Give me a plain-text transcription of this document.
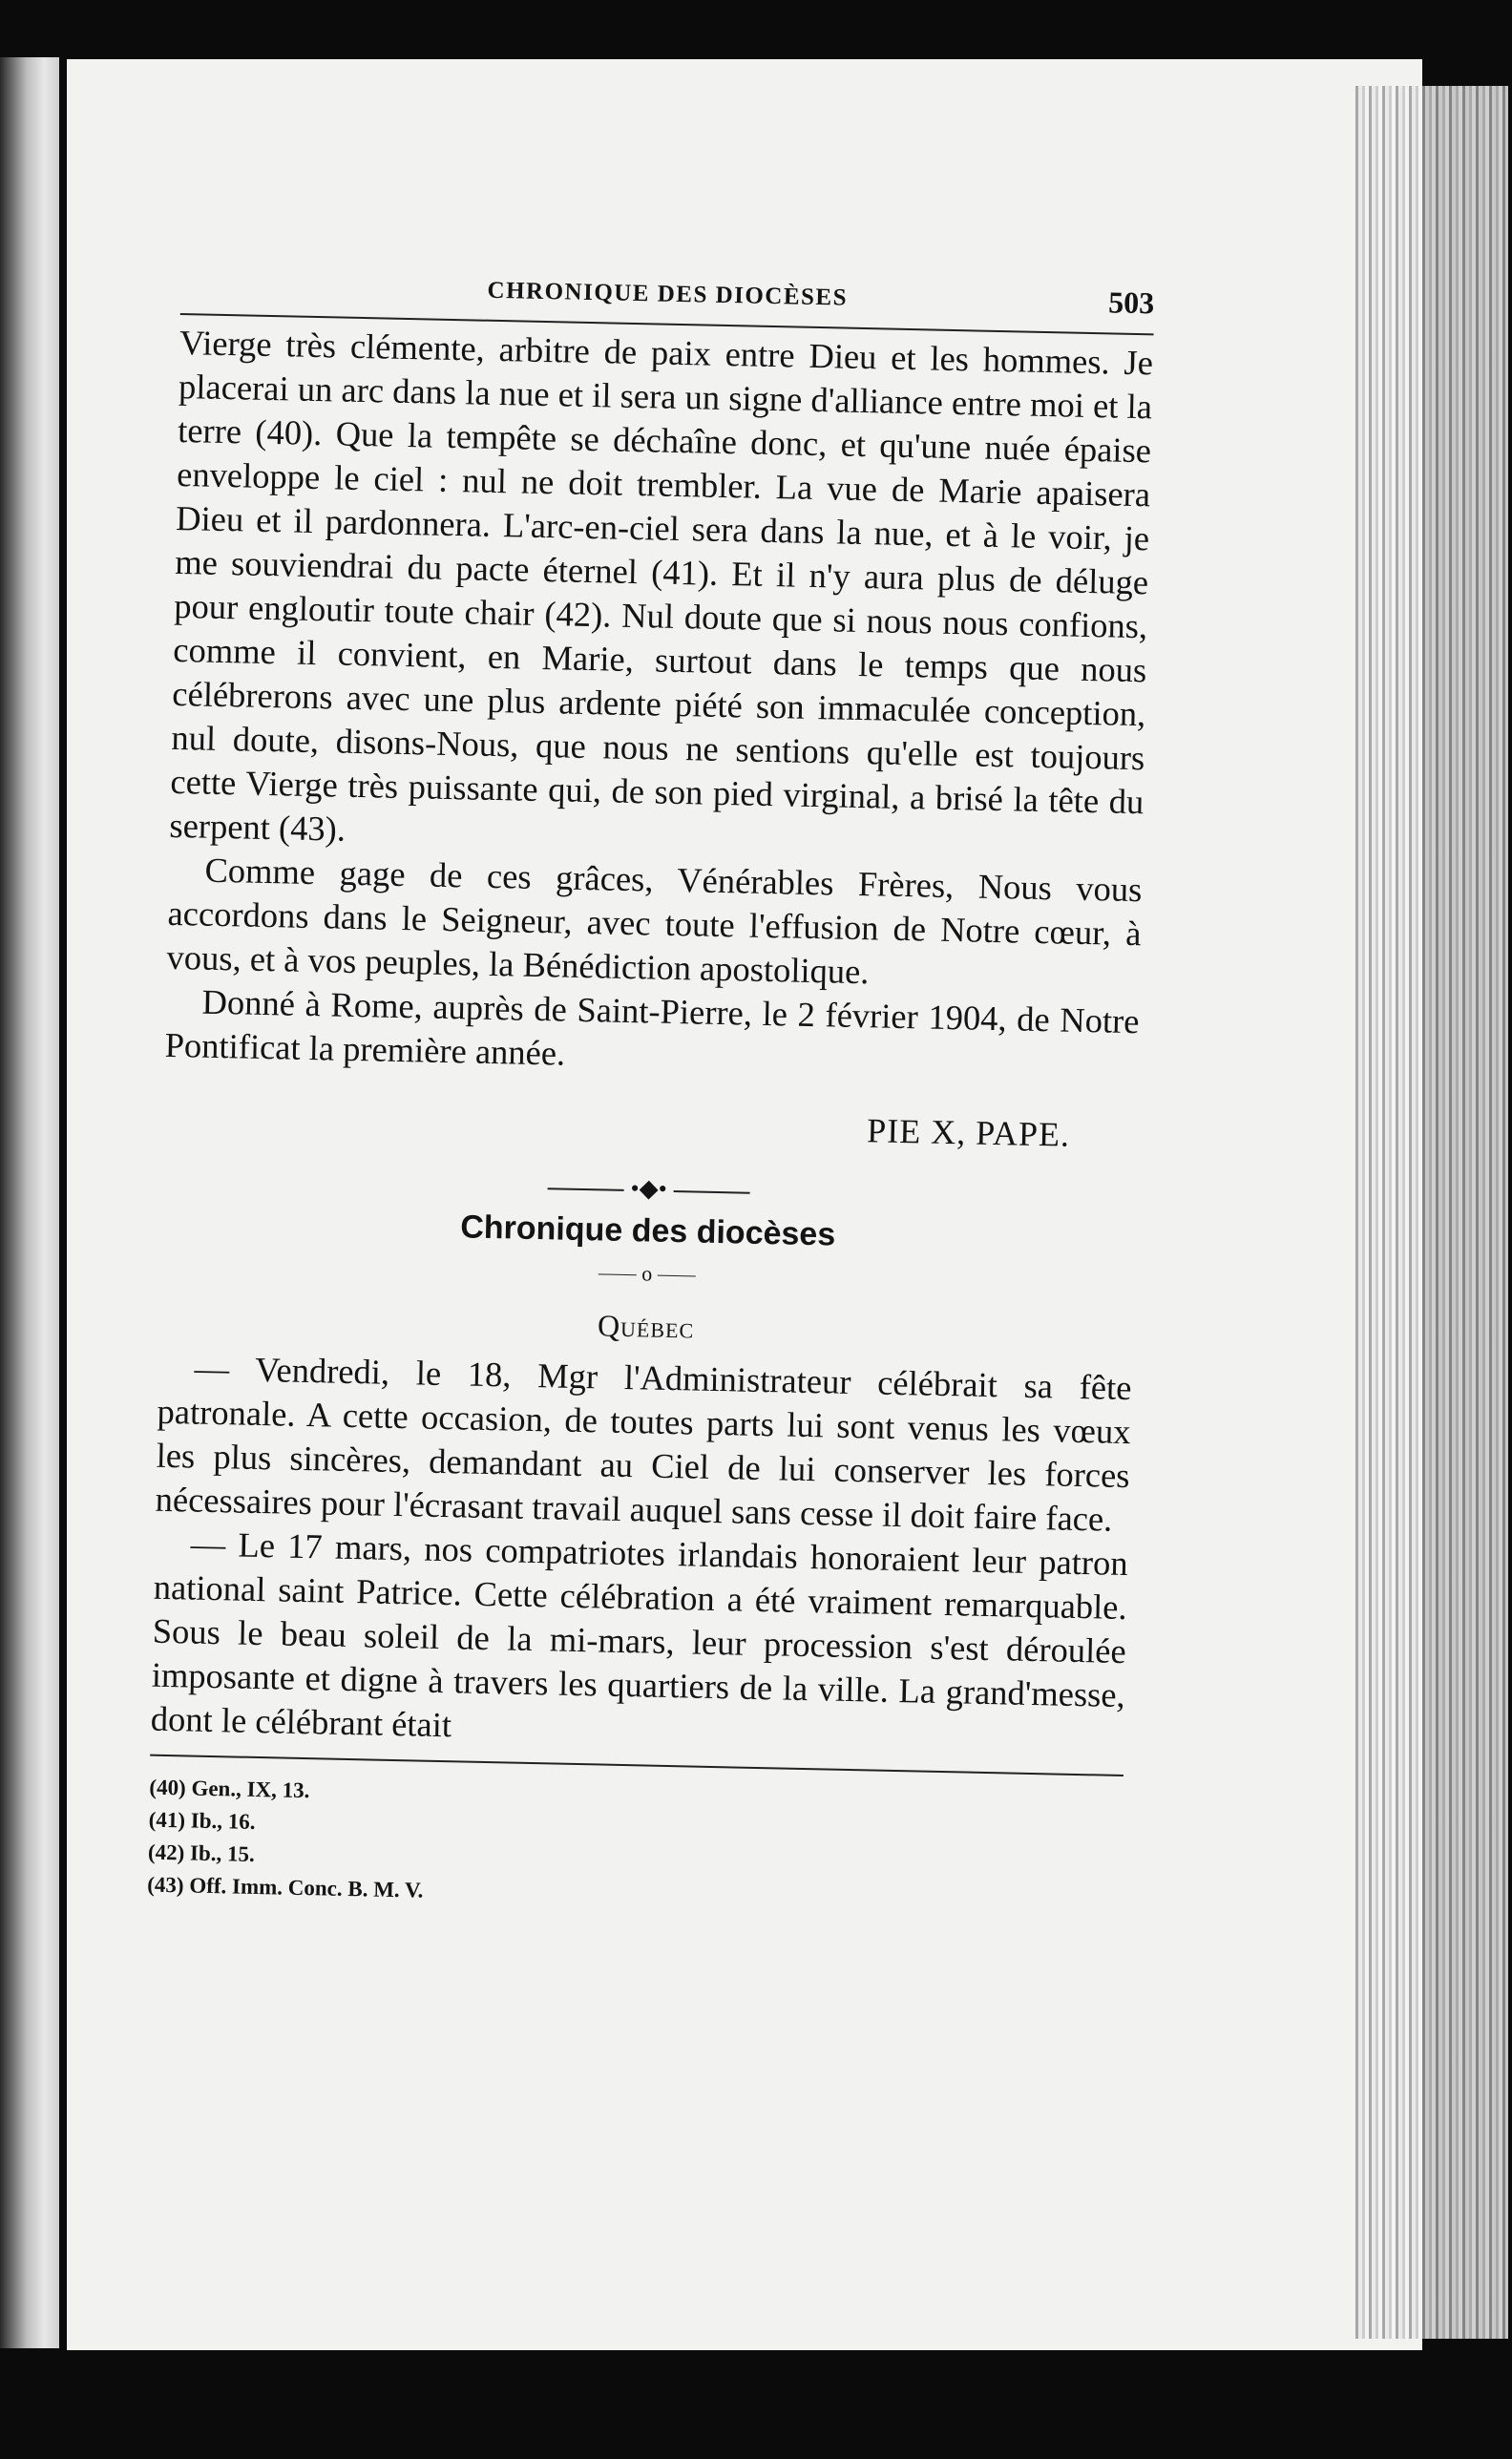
CHRONIQUE DES DIOCÈSES	503

Vierge très clémente, arbitre de paix entre Dieu et les hommes. Je placerai un arc dans la nue et il sera un signe d'alliance entre moi et la terre (40). Que la tempête se déchaîne donc, et qu'une nuée épaise enveloppe le ciel : nul ne doit trembler. La vue de Marie apaisera Dieu et il pardonnera. L'arc-en-ciel sera dans la nue, et à le voir, je me souviendrai du pacte éternel (41). Et il n'y aura plus de déluge pour engloutir toute chair (42). Nul doute que si nous nous confions, comme il convient, en Marie, surtout dans le temps que nous célébrerons avec une plus ardente piété son immaculée conception, nul doute, disons-Nous, que nous ne sentions qu'elle est toujours cette Vierge très puissante qui, de son pied virginal, a brisé la tête du serpent (43).

Comme gage de ces grâces, Vénérables Frères, Nous vous accordons dans le Seigneur, avec toute l'effusion de Notre cœur, à vous, et à vos peuples, la Bénédiction apostolique.

Donné à Rome, auprès de Saint-Pierre, le 2 février 1904, de Notre Pontificat la première année.

PIE X, PAPE.
•◆•
Chronique des diocèses
o
Québec

— Vendredi, le 18, Mgr l'Administrateur célébrait sa fête patronale. A cette occasion, de toutes parts lui sont venus les vœux les plus sincères, demandant au Ciel de lui conserver les forces nécessaires pour l'écrasant travail auquel sans cesse il doit faire face.

— Le 17 mars, nos compatriotes irlandais honoraient leur patron national saint Patrice. Cette célébration a été vraiment remarquable. Sous le beau soleil de la mi-mars, leur procession s'est déroulée imposante et digne à travers les quartiers de la ville. La grand'messe, dont le célébrant était

(40) Gen., IX, 13.
(41) Ib., 16.
(42) Ib., 15.
(43) Off. Imm. Conc. B. M. V.
